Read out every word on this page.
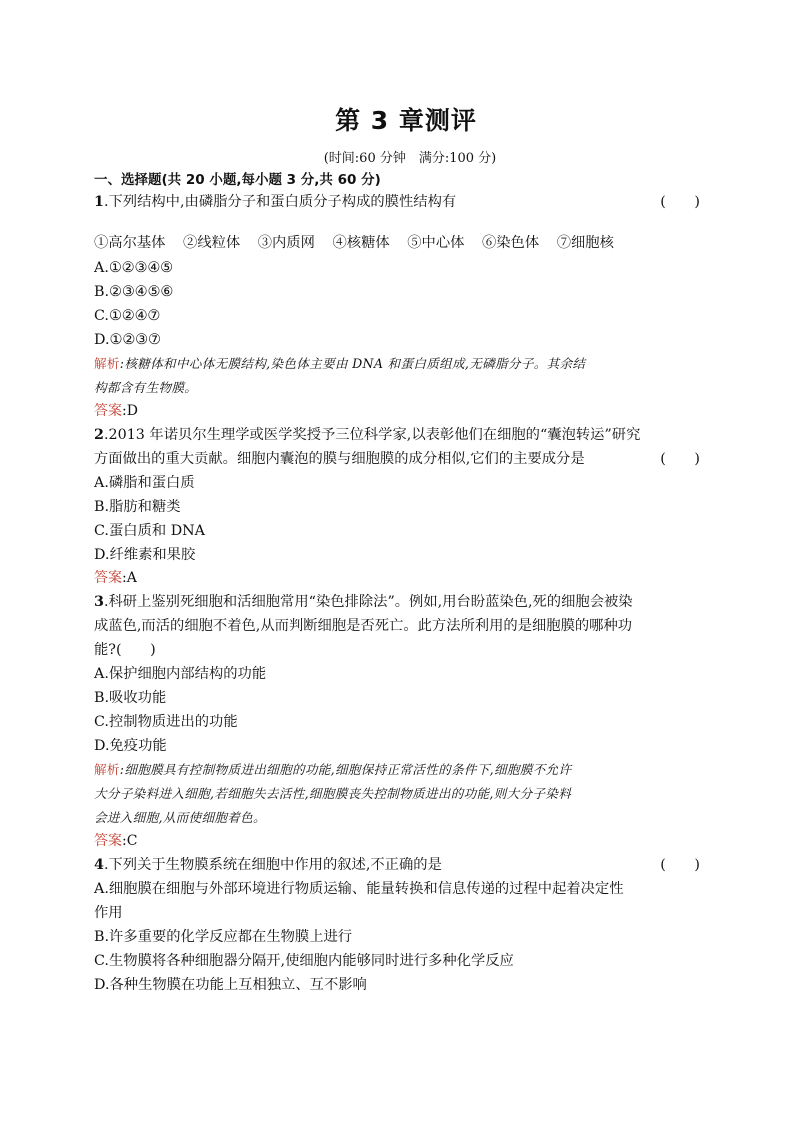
第 3 章测评
(时间:60 分钟　满分:100 分)
一、选择题(共 20 小题,每小题 3 分,共 60 分)
1.下列结构中,由磷脂分子和蛋白质分子构成的膜性结构有	(　　)
①高尔基体 ②线粒体 ③内质网 ④核糖体 ⑤中心体 ⑥染色体 ⑦细胞核
A.①②③④⑤
B.②③④⑤⑥
C.①②④⑦
D.①②③⑦
解析:核糖体和中心体无膜结构,染色体主要由 DNA 和蛋白质组成,无磷脂分子。其余结
构都含有生物膜。
答案:D
2.2013 年诺贝尔生理学或医学奖授予三位科学家,以表彰他们在细胞的“囊泡转运”研究
方面做出的重大贡献。细胞内囊泡的膜与细胞膜的成分相似,它们的主要成分是	(　　)
A.磷脂和蛋白质
B.脂肪和糖类
C.蛋白质和 DNA
D.纤维素和果胶
答案:A
3.科研上鉴别死细胞和活细胞常用“染色排除法”。例如,用台盼蓝染色,死的细胞会被染
成蓝色,而活的细胞不着色,从而判断细胞是否死亡。此方法所利用的是细胞膜的哪种功
能?(　　)
A.保护细胞内部结构的功能
B.吸收功能
C.控制物质进出的功能
D.免疫功能
解析:细胞膜具有控制物质进出细胞的功能,细胞保持正常活性的条件下,细胞膜不允许
大分子染料进入细胞,若细胞失去活性,细胞膜丧失控制物质进出的功能,则大分子染料
会进入细胞,从而使细胞着色。
答案:C
4.下列关于生物膜系统在细胞中作用的叙述,不正确的是	(　　)
A.细胞膜在细胞与外部环境进行物质运输、能量转换和信息传递的过程中起着决定性
作用
B.许多重要的化学反应都在生物膜上进行
C.生物膜将各种细胞器分隔开,使细胞内能够同时进行多种化学反应
D.各种生物膜在功能上互相独立、互不影响
